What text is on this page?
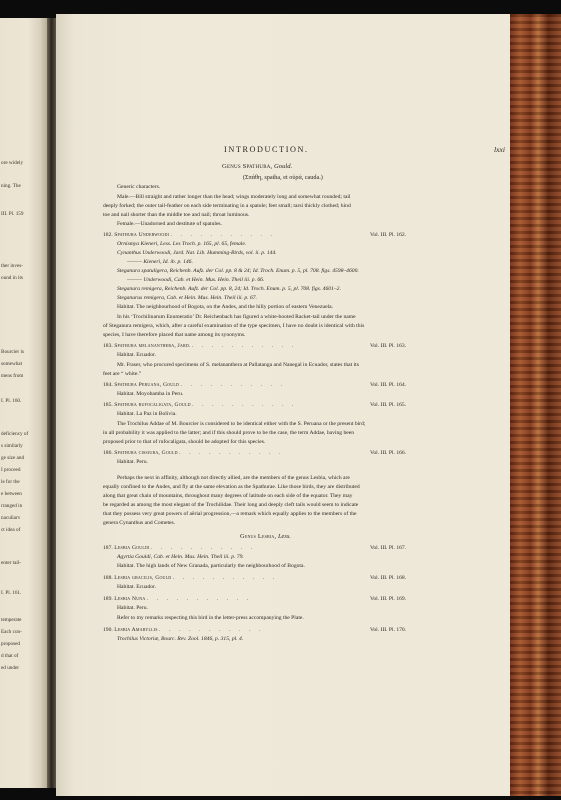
ore widely
ning. The
III. Pl. 159
ther inves-
ound in its
Bourcier is
somewhat
mens from
I. Pl. 160.
deficiency of
s similarly
ge size and
I proceed
le for the
e between
rranged in
naculiarv
ct idea of
enter tail-
I. Pl. 161.
temperate
Each con-
proposed
d that of
ed under
INTRODUCTION.	lxxi
Genus Spathura, Gould.
(Σπάθη, spatha, et οὐρά, cauda.)
Generic characters.
Male.—Bill straight and rather longer than the head; wings moderately long and somewhat rounded; tail
deeply forked; the outer tail-feather on each side terminating in a spatule; feet small; tarsi thickly clothed; hind
toe and nail shorter than the middle toe and nail; throat luminous.
Female.—Unadorned and destitute of spatules.
182. Spathura Underwoodi . . . . . . . . . . .	Vol. III. Pl. 162.
Ornismya Kieneri, Less. Les Troch. p. 165, pl. 65, female.
Cynanthus Underwoodi, Jard. Nat. Lib. Humming-Birds, vol. ii. p. 144.
——— Kieneri, Id. ib. p. 146.
Steganura spatuligera, Reichenb. Aufz. der Col. pp. 8 & 24; Id. Troch. Enum. p. 5, pl. 708. figs. 4598–4600.
——— Underwoodi, Cab. et Hein. Mus. Hein. Theil iii. p. 66.
Steganura remigera, Reichenb. Aufz. der Col. pp. 8, 24; Id. Troch. Enum. p. 5, pl. 708. figs. 4601–2.
Steganurus remigera, Cab. et Hein. Mus. Hein. Theil iii. p. 67.
Habitat. The neighbourhood of Bogota, on the Andes, and the hilly portion of eastern Venezuela.
In his ‘Trochilinarum Enumeratio’ Dr. Reichenbach has figured a white-booted Racket-tail under the name
of Steganura remigera, which, after a careful examination of the type specimen, I have no doubt is identical with this
species, I have therefore placed that name among its synonyms.
183. Spathura melananthera, Jard. . . . . . . . . . . .	Vol. III. Pl. 163.
Habitat. Ecuador.
Mr. Fraser, who procured specimens of S. melananthera at Pallatanga and Nanegal in Ecuador, states that its
feet are “ white.”
184. Spathura Peruana, Gould . . . . . . . . . . .	Vol. III. Pl. 164.
Habitat. Moyobamba in Peru.
185. Spathura rufocaligata, Gould . . . . . . . . . . .	Vol. III. Pl. 165.
Habitat. La Paz in Bolivia.
The Trochilus Addae of M. Bourcier is considered to be identical either with the S. Peruana or the present bird;
in all probability it was applied to the latter; and if this should prove to be the case, the term Addae, having been
proposed prior to that of rufocaligata, should be adopted for this species.
186. Spathura cissiura, Gould . . . . . . . . . . .	Vol. III. Pl. 166.
Habitat. Peru.
Perhaps the next in affinity, although not directly allied, are the members of the genus Lesbia, which are
equally confined to the Andes, and fly at the same elevation as the Spathurae. Like those birds, they are distributed
along that great chain of mountains, throughout many degrees of latitude on each side of the equator. They may
be regarded as among the most elegant of the Trochilidae. Their long and deeply cleft tails would seem to indicate
that they possess very great powers of aërial progression,—a remark which equally applies to the members of the
genera Cynanthus and Cometes.
Genus Lesbia, Less.
187. Lesbia Gouldi . . . . . . . . . . .	Vol. III. Pl. 167.
Agyrtia Gouldi, Cab. et Hein. Mus. Hein. Theil iii. p. 79.
Habitat. The high lands of New Granada, particularly the neighbourhood of Bogota.
188. Lesbia gracilis, Gould . . . . . . . . . . .	Vol. III. Pl. 168.
Habitat. Ecuador.
189. Lesbia Nuna . . . . . . . . . . .	Vol. III. Pl. 169.
Habitat. Peru.
Refer to my remarks respecting this bird in the letter-press accompanying the Plate.
190. Lesbia Amaryllis . . . . . . . . . . .	Vol. III. Pl. 170.
Trochilus Victoriæ, Bourc. Rev. Zool. 1846, p. 315, pl. 4.
